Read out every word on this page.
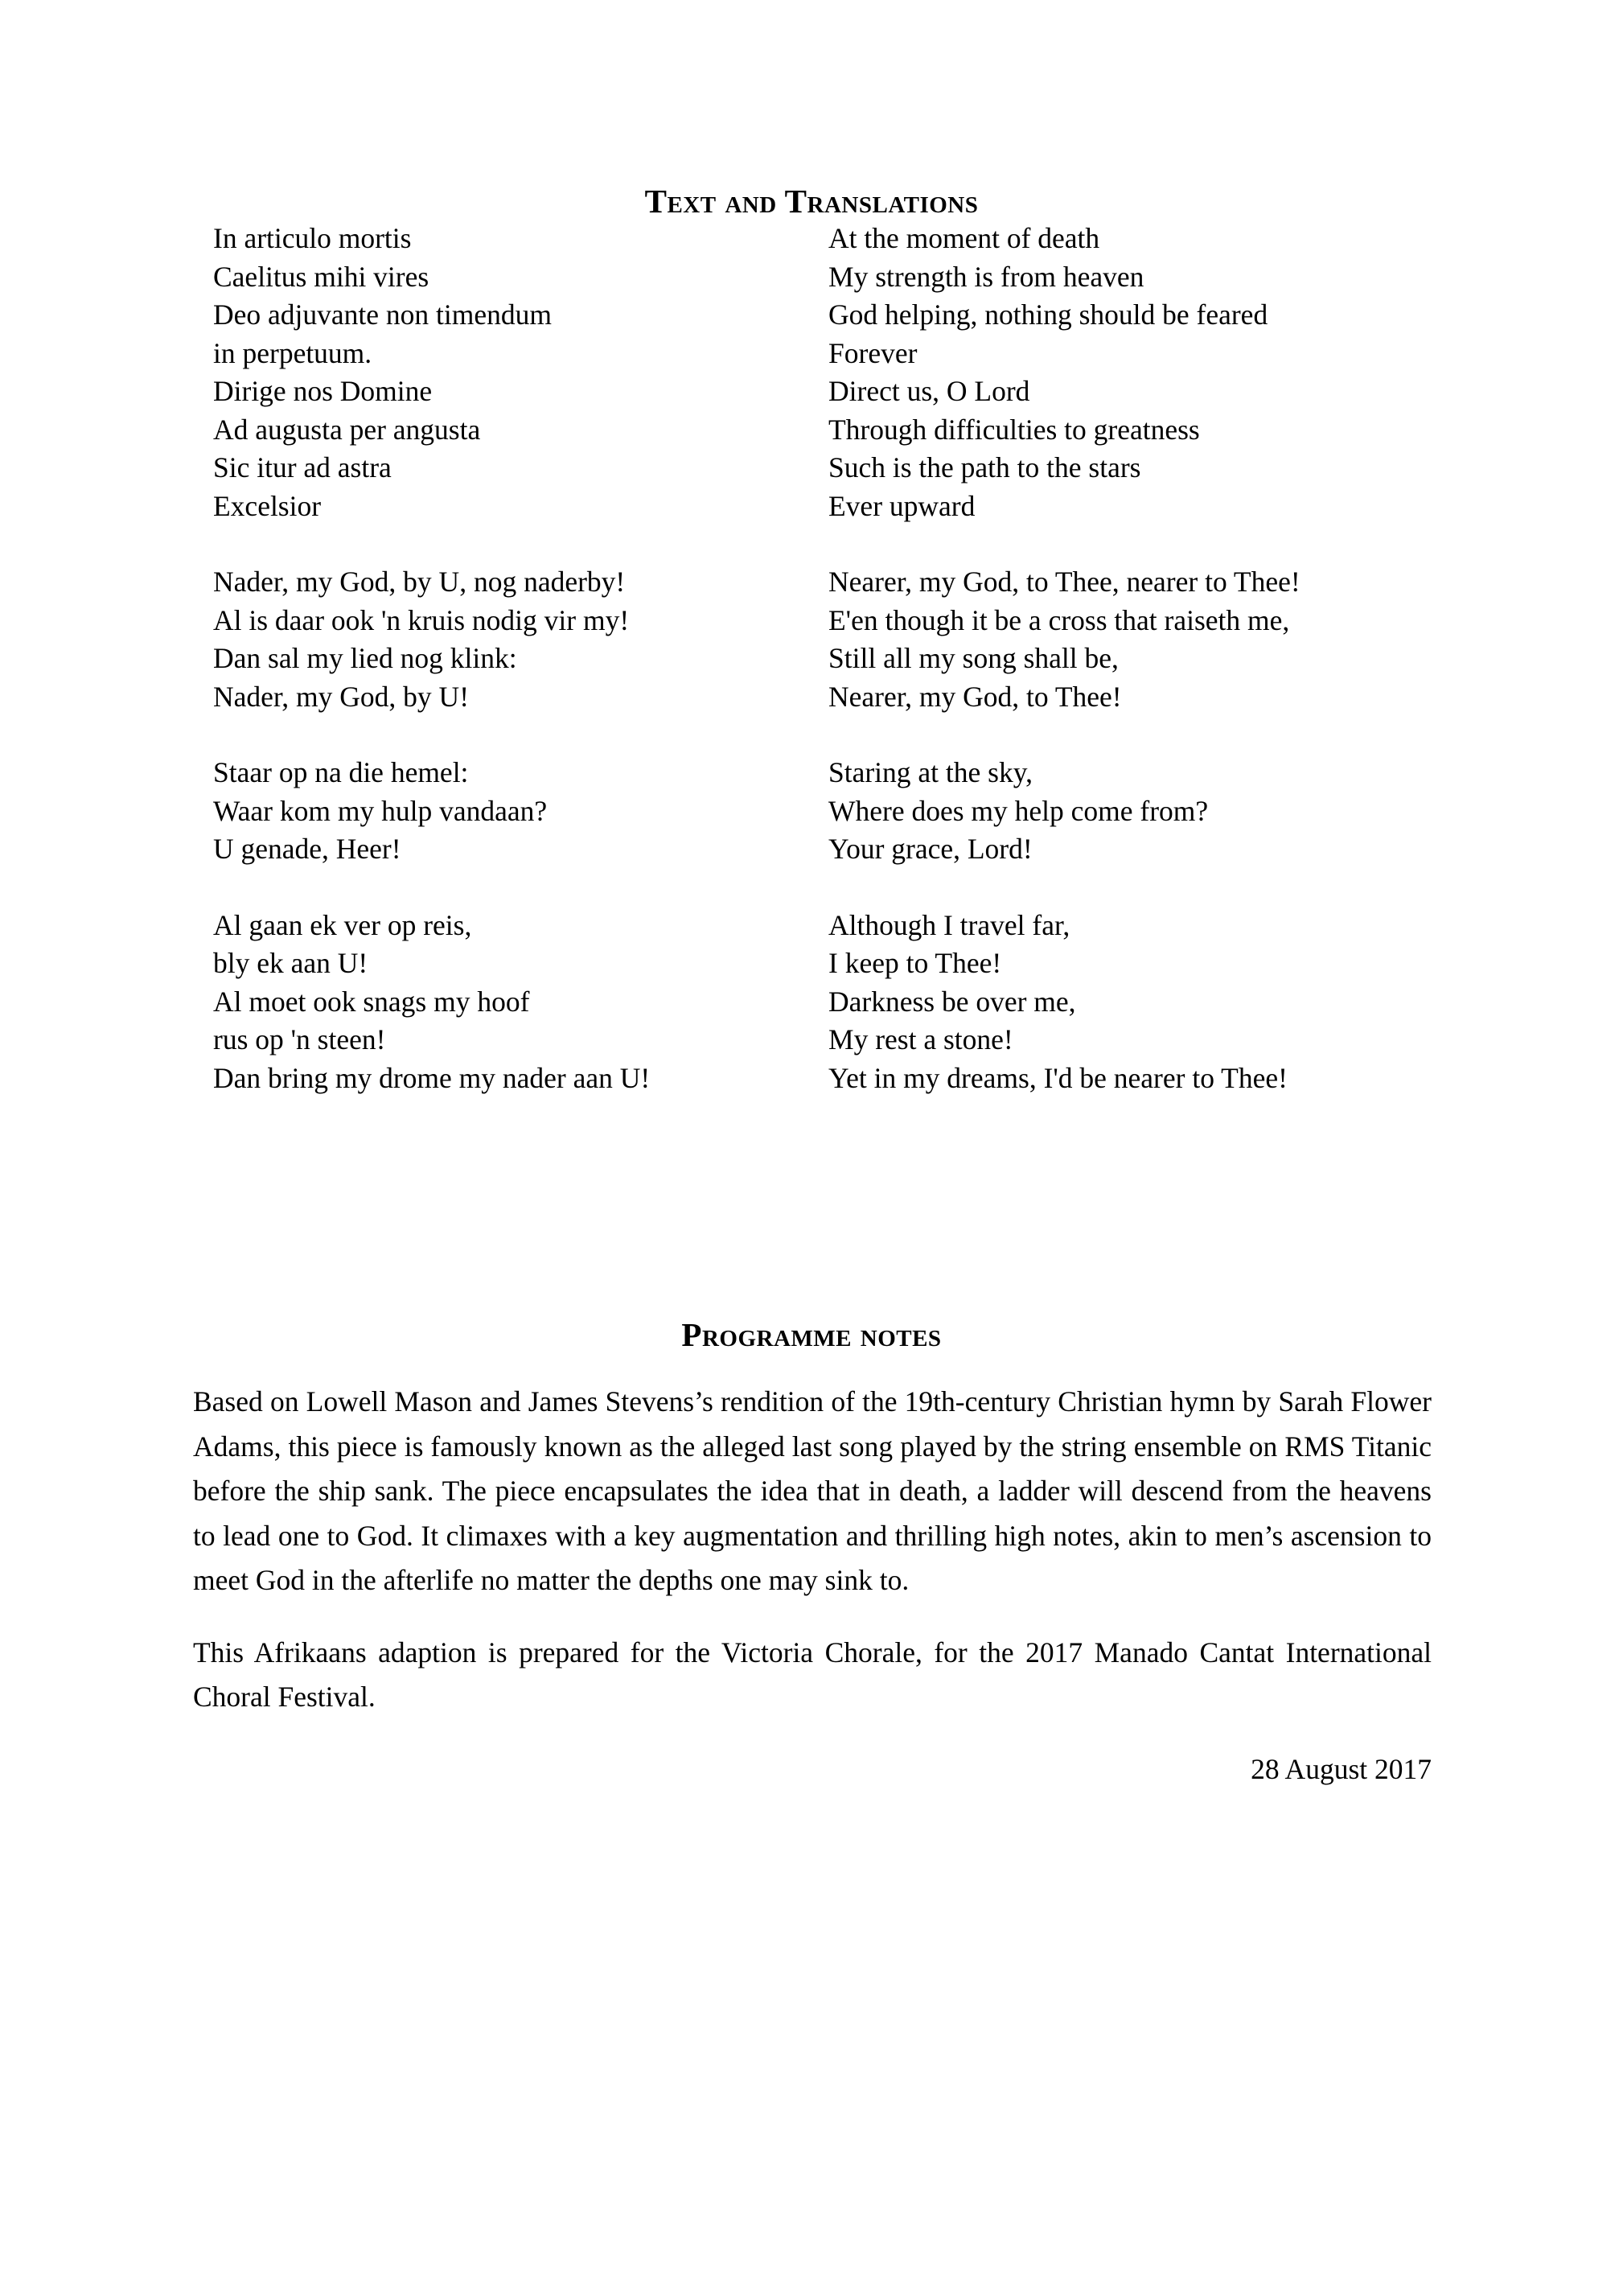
Text and Translations
In articulo mortis	At the moment of death
Caelitus mihi vires	My strength is from heaven
Deo adjuvante non timendum	God helping, nothing should be feared
in perpetuum.	Forever
Dirige nos Domine	Direct us, O Lord
Ad augusta per angusta	Through difficulties to greatness
Sic itur ad astra	Such is the path to the stars
Excelsior	Ever upward
Nader, my God, by U, nog naderby!	Nearer, my God, to Thee, nearer to Thee!
Al is daar ook 'n kruis nodig vir my!	E'en though it be a cross that raiseth me,
Dan sal my lied nog klink:	Still all my song shall be,
Nader, my God, by U!	Nearer, my God, to Thee!
Staar op na die hemel:	Staring at the sky,
Waar kom my hulp vandaan?	Where does my help come from?
U genade, Heer!	Your grace, Lord!
Al gaan ek ver op reis,	Although I travel far,
bly ek aan U!	I keep to Thee!
Al moet ook snags my hoof	Darkness be over me,
rus op 'n steen!	My rest a stone!
Dan bring my drome my nader aan U!	Yet in my dreams, I'd be nearer to Thee!
Programme notes

Based on Lowell Mason and James Stevens’s rendition of the 19th-century Christian hymn by Sarah Flower Adams, this piece is famously known as the alleged last song played by the string ensemble on RMS Titanic before the ship sank. The piece encapsulates the idea that in death, a ladder will descend from the heavens to lead one to God. It climaxes with a key augmentation and thrilling high notes, akin to men’s ascension to meet God in the afterlife no matter the depths one may sink to.

This Afrikaans adaption is prepared for the Victoria Chorale, for the 2017 Manado Cantat International Choral Festival.

28 August 2017
